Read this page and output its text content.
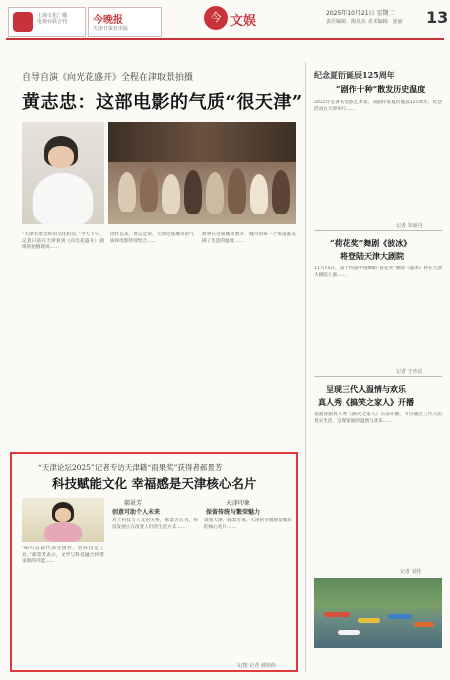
上海文化广播
电视台联合刊	今晚报
天津日报社出版
今 文娱
2025年10月21日 星期二
责任编辑：陶昊东 美术编辑：张丽 13
自导自演《向光花盛开》全程在津取景拍摄
黄志忠：这部电影的气质“很天津”
“天津有着这样的文化积淀。”今天下午，记者日前在天津看到《向光花盛开》剧组的拍摄现场……
创作以来，黄志忠说，天津这座城市的气质和电影特别契合……
故事在这座城市展开，城市的每一个角落都充满了生活的温度……
纪念夏衍诞辰125周年
“剧作十种”散发历史温度
2025年是著名电影艺术家、戏剧作家夏衍诞辰125周年，纪念活动在天津举行……
记者 朱丽丹
“荷花奖”舞剧《彼冰》
将登陆天津大剧院
11月15日，第十四届中国舞蹈“荷花奖”舞剧《彼冰》将在天津大剧院上演……
记者 王沙洁
呈现三代人温情与欢乐
真人秀《搞笑之家人》开播
家庭喜剧真人秀《搞笑之家人》日前开播，节目通过三代人的真实生活，呈现家庭的温情与欢乐……
记者 刘佳
“天津论坛2025”记者专访天津籍“雨果奖”获得者郝景芳
科技赋能文化 幸福感是天津核心名片
郝景芳
创意可助个人未来
天津印象
保留传统与繁荣魅力
“AI可以取代部分创作，但科技是工具。”郝景芳表示，文学与科技融合将带来新的可能……
对于科技与人文的关系，郝景芳认为，科技发展正在改变人们的生活方式……
谈到天津，郝景芳说，天津的幸福感是城市的核心名片……
文/图 记者 郝柏伟
